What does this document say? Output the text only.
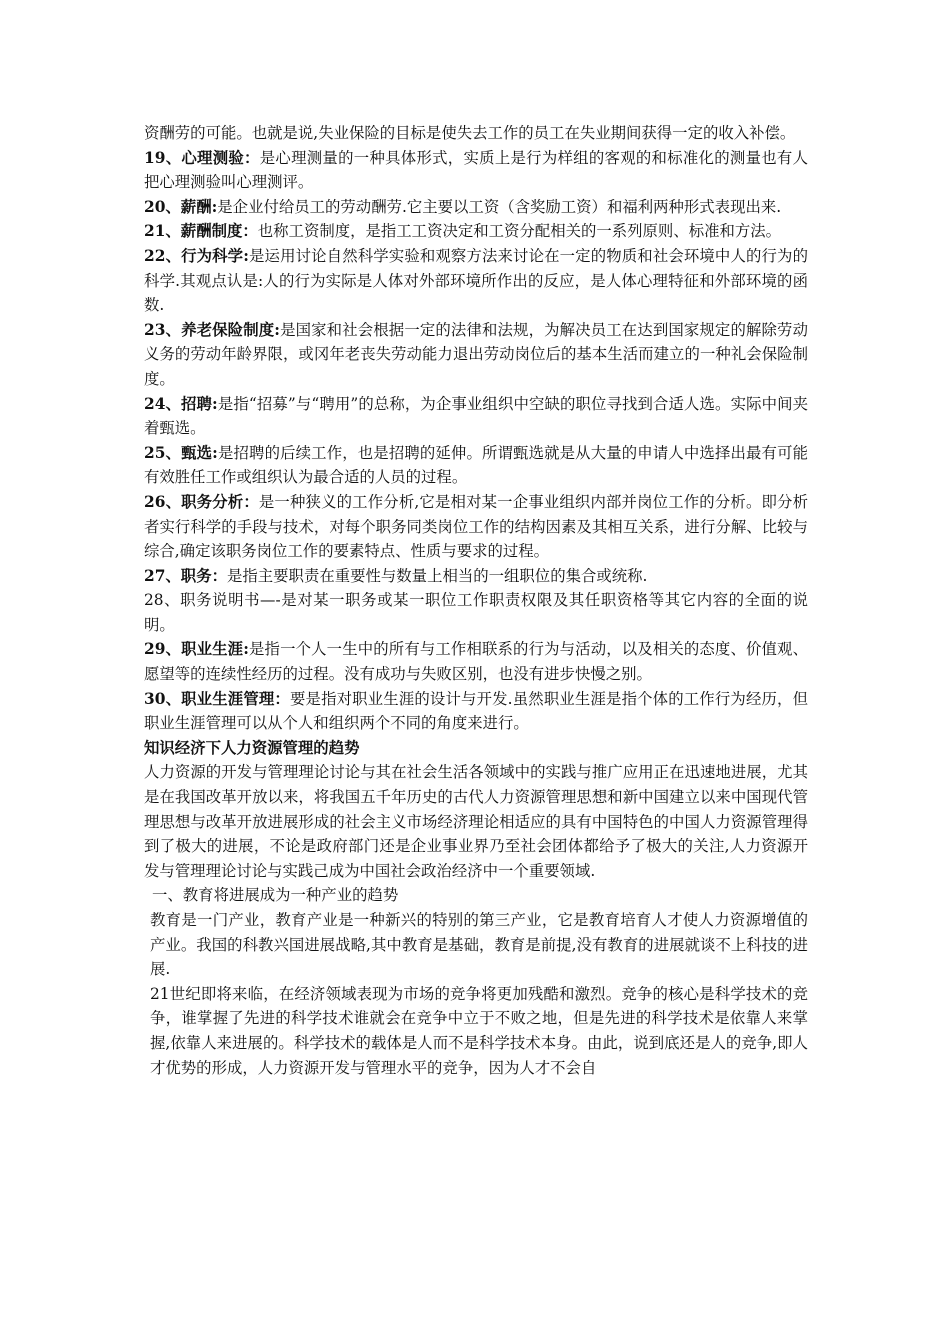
资酬劳的可能。也就是说,失业保险的目标是使失去工作的员工在失业期间获得一定的收入补偿。

19、心理测验：是心理测量的一种具体形式，实质上是行为样组的客观的和标准化的测量也有人把心理测验叫心理测评。

20、薪酬:是企业付给员工的劳动酬劳.它主要以工资（含奖励工资）和福利两种形式表现出来.

21、薪酬制度：也称工资制度，是指工工资决定和工资分配相关的一系列原则、标准和方法。

22、行为科学:是运用讨论自然科学实验和观察方法来讨论在一定的物质和社会环境中人的行为的科学.其观点认是:人的行为实际是人体对外部环境所作出的反应，是人体心理特征和外部环境的函数.

23、养老保险制度:是国家和社会根据一定的法律和法规，为解决员工在达到国家规定的解除劳动义务的劳动年龄界限，或冈年老丧失劳动能力退出劳动岗位后的基本生活而建立的一种礼会保险制度。

24、招聘:是指“招募”与“聘用”的总称，为企事业组织中空缺的职位寻找到合适人选。实际中间夹着甄选。

25、甄选:是招聘的后续工作，也是招聘的延伸。所谓甄选就是从大量的申请人中选择出最有可能有效胜任工作或组织认为最合适的人员的过程。

26、职务分析：是一种狭义的工作分析,它是相对某一企事业组织内部并岗位工作的分析。即分析者实行科学的手段与技术，对每个职务同类岗位工作的结构因素及其相互关系，进行分解、比较与综合,确定该职务岗位工作的要素特点、性质与要求的过程。

27、职务：是指主要职责在重要性与数量上相当的一组职位的集合或统称.

28、职务说明书—-是对某一职务或某一职位工作职责权限及其任职资格等其它内容的全面的说明。

29、职业生涯:是指一个人一生中的所有与工作相联系的行为与活动，以及相关的态度、价值观、愿望等的连续性经历的过程。没有成功与失败区别，也没有进步快慢之别。

30、职业生涯管理：要是指对职业生涯的设计与开发.虽然职业生涯是指个体的工作行为经历，但职业生涯管理可以从个人和组织两个不同的角度来进行。

知识经济下人力资源管理的趋势

人力资源的开发与管理理论讨论与其在社会生活各领域中的实践与推广应用正在迅速地进展，尤其是在我国改革开放以来，将我国五千年历史的古代人力资源管理思想和新中国建立以来中国现代管理思想与改革开放进展形成的社会主义市场经济理论相适应的具有中国特色的中国人力资源管理得到了极大的进展，不论是政府部门还是企业事业界乃至社会团体都给予了极大的关注,人力资源开发与管理理论讨论与实践己成为中国社会政治经济中一个重要领域.

一、教育将进展成为一种产业的趋势

教育是一门产业，教育产业是一种新兴的特别的第三产业，它是教育培育人才使人力资源增值的产业。我国的科教兴国进展战略,其中教育是基础，教育是前提,没有教育的进展就谈不上科技的进展.

21世纪即将来临，在经济领域表现为市场的竞争将更加残酷和激烈。竞争的核心是科学技术的竞争，谁掌握了先进的科学技术谁就会在竞争中立于不败之地，但是先进的科学技术是依靠人来掌握,依靠人来进展的。科学技术的载体是人而不是科学技术本身。由此，说到底还是人的竞争,即人才优势的形成，人力资源开发与管理水平的竞争，因为人才不会自
